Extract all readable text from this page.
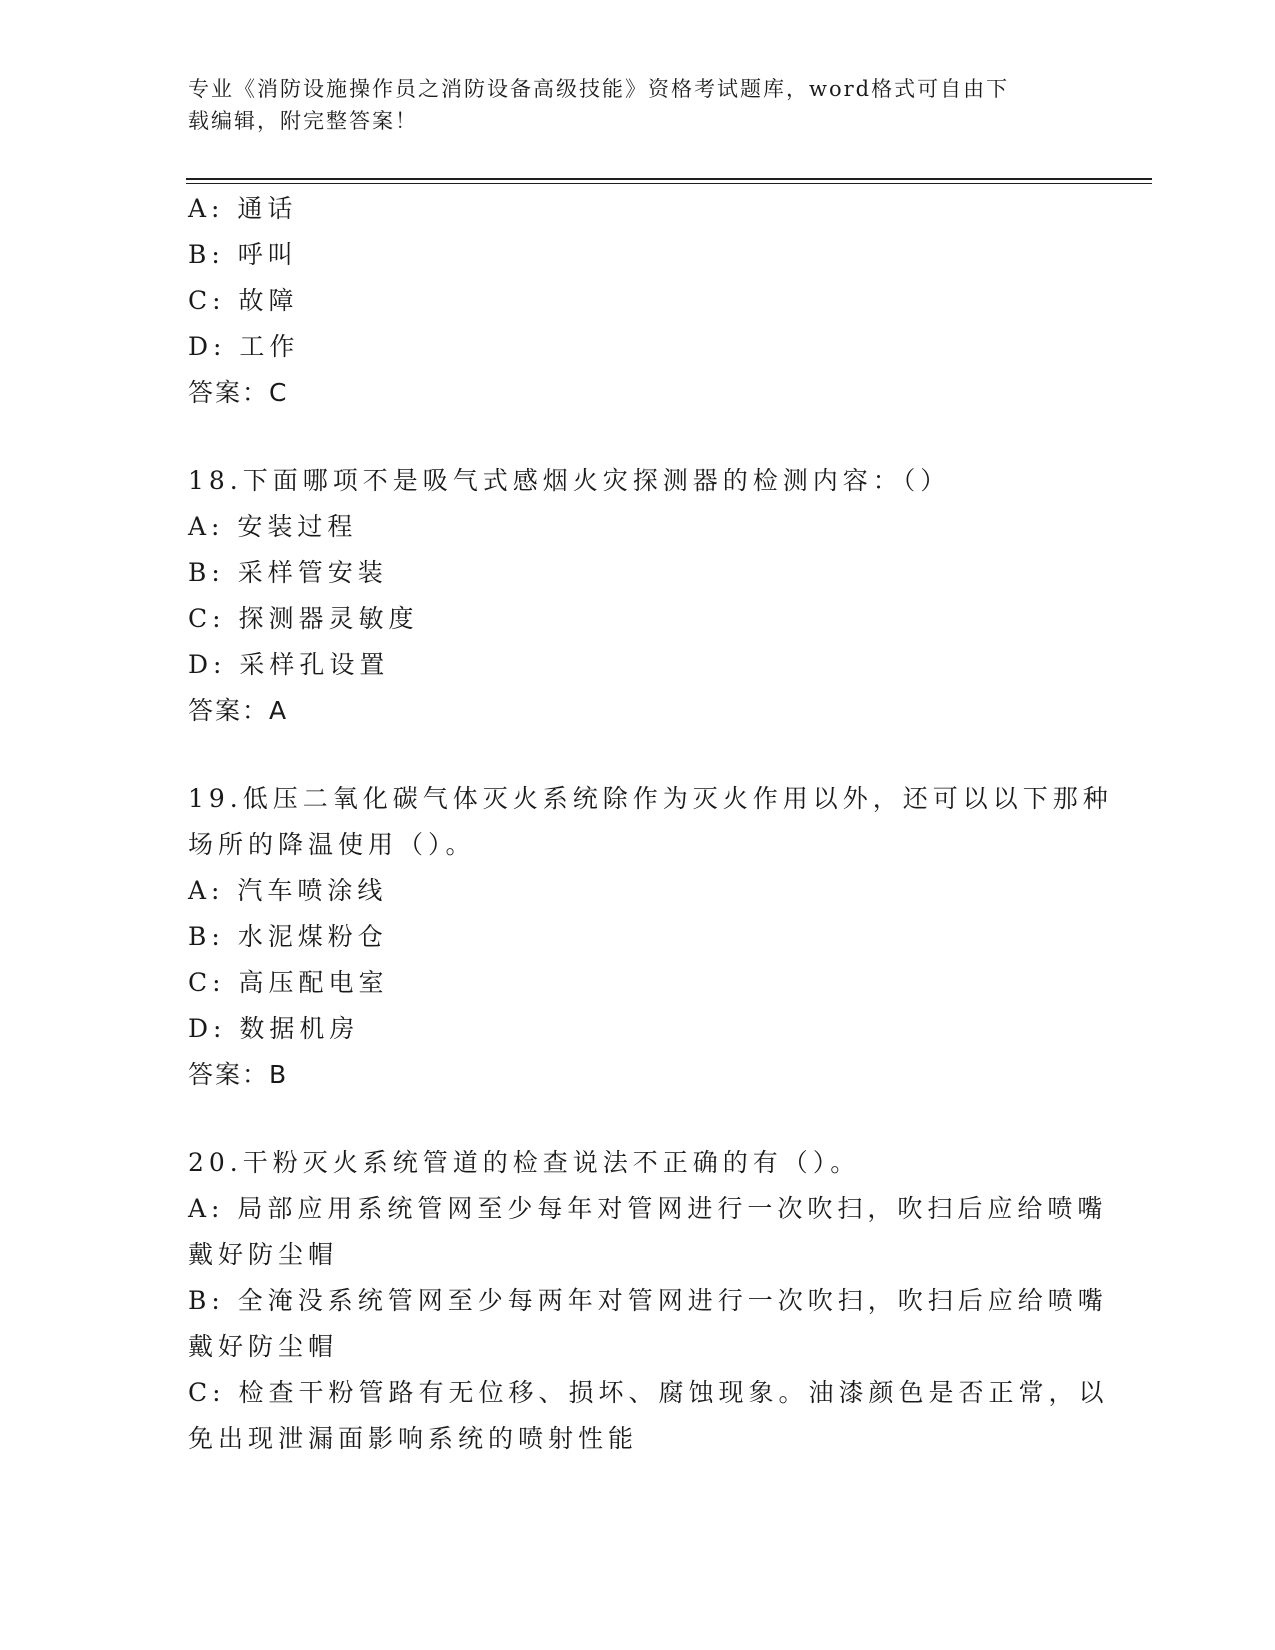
专业《消防设施操作员之消防设备高级技能》资格考试题库，word格式可自由下
载编辑，附完整答案！
A: 通话
B: 呼叫
C: 故障
D: 工作
答案：C
18.下面哪项不是吸气式感烟火灾探测器的检测内容：（）
A: 安装过程
B: 采样管安装
C: 探测器灵敏度
D: 采样孔设置
答案：A
19.低压二氧化碳气体灭火系统除作为灭火作用以外，还可以以下那种
场所的降温使用（）。
A: 汽车喷涂线
B: 水泥煤粉仓
C: 高压配电室
D: 数据机房
答案：B
20.干粉灭火系统管道的检查说法不正确的有（）。
A: 局部应用系统管网至少每年对管网进行一次吹扫，吹扫后应给喷嘴
戴好防尘帽
B: 全淹没系统管网至少每两年对管网进行一次吹扫，吹扫后应给喷嘴
戴好防尘帽
C: 检查干粉管路有无位移、损坏、腐蚀现象。油漆颜色是否正常，以
免出现泄漏面影响系统的喷射性能
